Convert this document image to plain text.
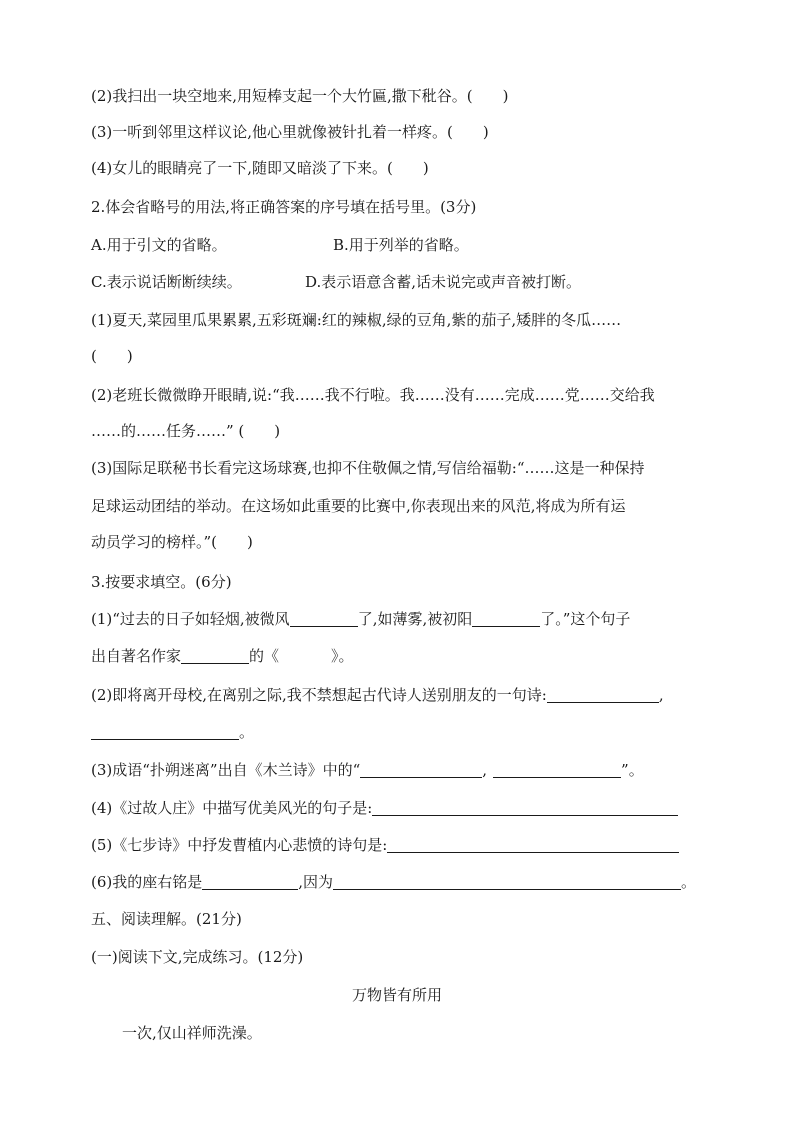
(2)我扫出一块空地来,用短棒支起一个大竹匾,撒下秕谷。(　　)
(3)一听到邻里这样议论,他心里就像被针扎着一样疼。(　　)
(4)女儿的眼睛亮了一下,随即又暗淡了下来。(　　)
2.体会省略号的用法,将正确答案的序号填在括号里。(3分)
A.用于引文的省略。	B.用于列举的省略。
C.表示说话断断续续。	D.表示语意含蓄,话未说完或声音被打断。
(1)夏天,菜园里瓜果累累,五彩斑斓:红的辣椒,绿的豆角,紫的茄子,矮胖的冬瓜……
(　　)
(2)老班长微微睁开眼睛,说:“我……我不行啦。我……没有……完成……党……交给我
……的……任务……” (　　)
(3)国际足联秘书长看完这场球赛,也抑不住敬佩之情,写信给福勒:“……这是一种保持
足球运动团结的举动。在这场如此重要的比赛中,你表现出来的风范,将成为所有运
动员学习的榜样。”(　　)
3.按要求填空。(6分)
(1)“过去的日子如轻烟,被微风	了,如薄雾,被初阳	了。”这个句子
出自著名作家	的《	》。
(2)即将离开母校,在离别之际,我不禁想起古代诗人送别朋友的一句诗:	,
。
(3)成语“扑朔迷离”出自《木兰诗》中的“	,	”。
(4)《过故人庄》中描写优美风光的句子是:
(5)《七步诗》中抒发曹植内心悲愤的诗句是:
(6)我的座右铭是	,因为	。
五、阅读理解。(21分)
(一)阅读下文,完成练习。(12分)
万物皆有所用
一次,仅山祥师洗澡。
